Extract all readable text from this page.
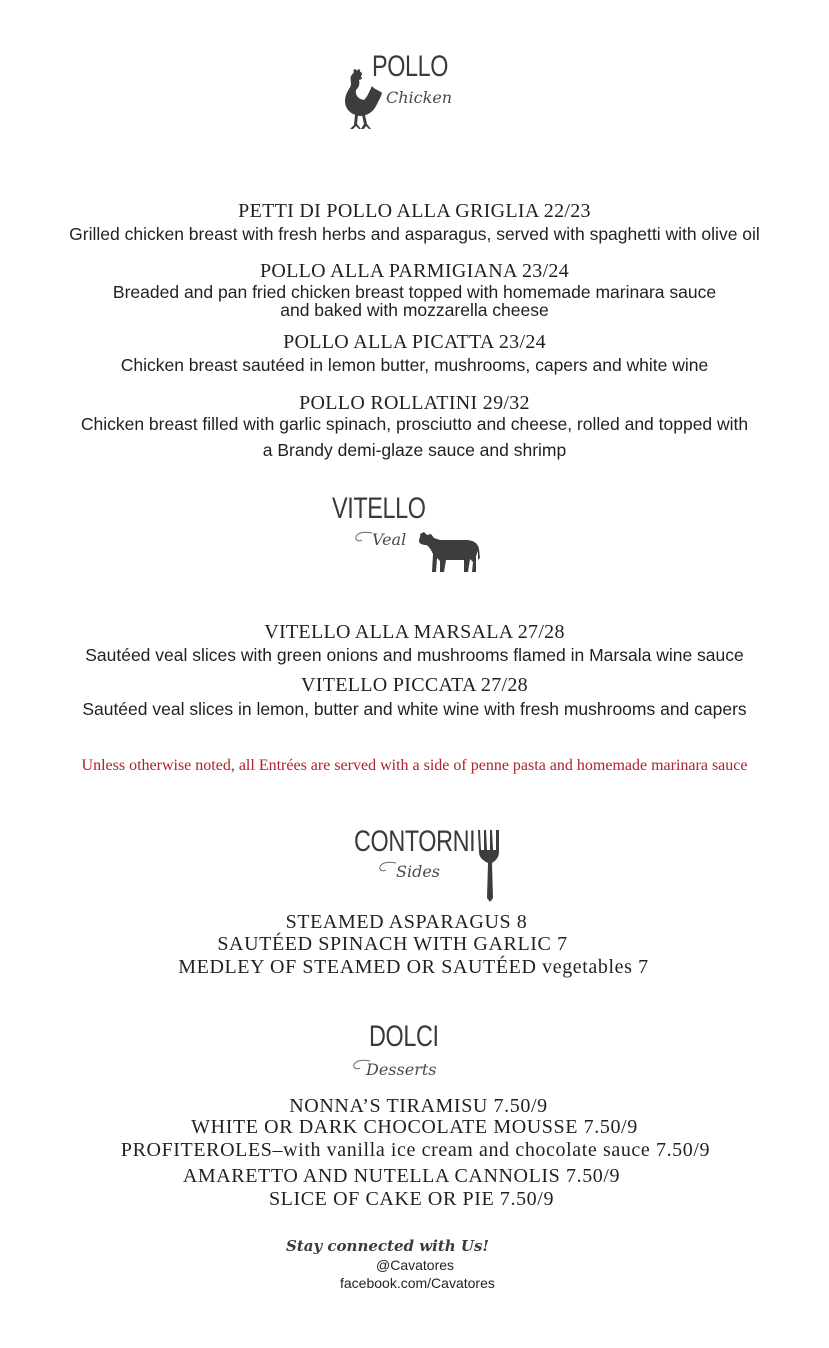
POLLO
Chicken
PETTI DI POLLO ALLA GRIGLIA 22/23
Grilled chicken breast with fresh herbs and asparagus, served with spaghetti with olive oil
POLLO ALLA PARMIGIANA 23/24
Breaded and pan fried chicken breast topped with homemade marinara sauce
and baked with mozzarella cheese
POLLO ALLA PICATTA 23/24
Chicken breast sautéed in lemon butter, mushrooms, capers and white wine
POLLO ROLLATINI 29/32
Chicken breast filled with garlic spinach, prosciutto and cheese, rolled and topped with
a Brandy demi-glaze sauce and shrimp
VITELLO
Veal
VITELLO ALLA MARSALA 27/28
Sautéed veal slices with green onions and mushrooms flamed in Marsala wine sauce
VITELLO PICCATA 27/28
Sautéed veal slices in lemon, butter and white wine with fresh mushrooms and capers
Unless otherwise noted, all Entrées are served with a side of penne pasta and homemade marinara sauce
CONTORNI
Sides
STEAMED ASPARAGUS 8
SAUTÉED SPINACH WITH GARLIC 7
MEDLEY OF STEAMED OR SAUTÉED vegetables 7
DOLCI
Desserts
NONNA’S TIRAMISU 7.50/9
WHITE OR DARK CHOCOLATE MOUSSE 7.50/9
PROFITEROLES–with vanilla ice cream and chocolate sauce 7.50/9
AMARETTO AND NUTELLA CANNOLIS 7.50/9
SLICE OF CAKE OR PIE 7.50/9
Stay connected with Us!
@Cavatores
facebook.com/Cavatores
